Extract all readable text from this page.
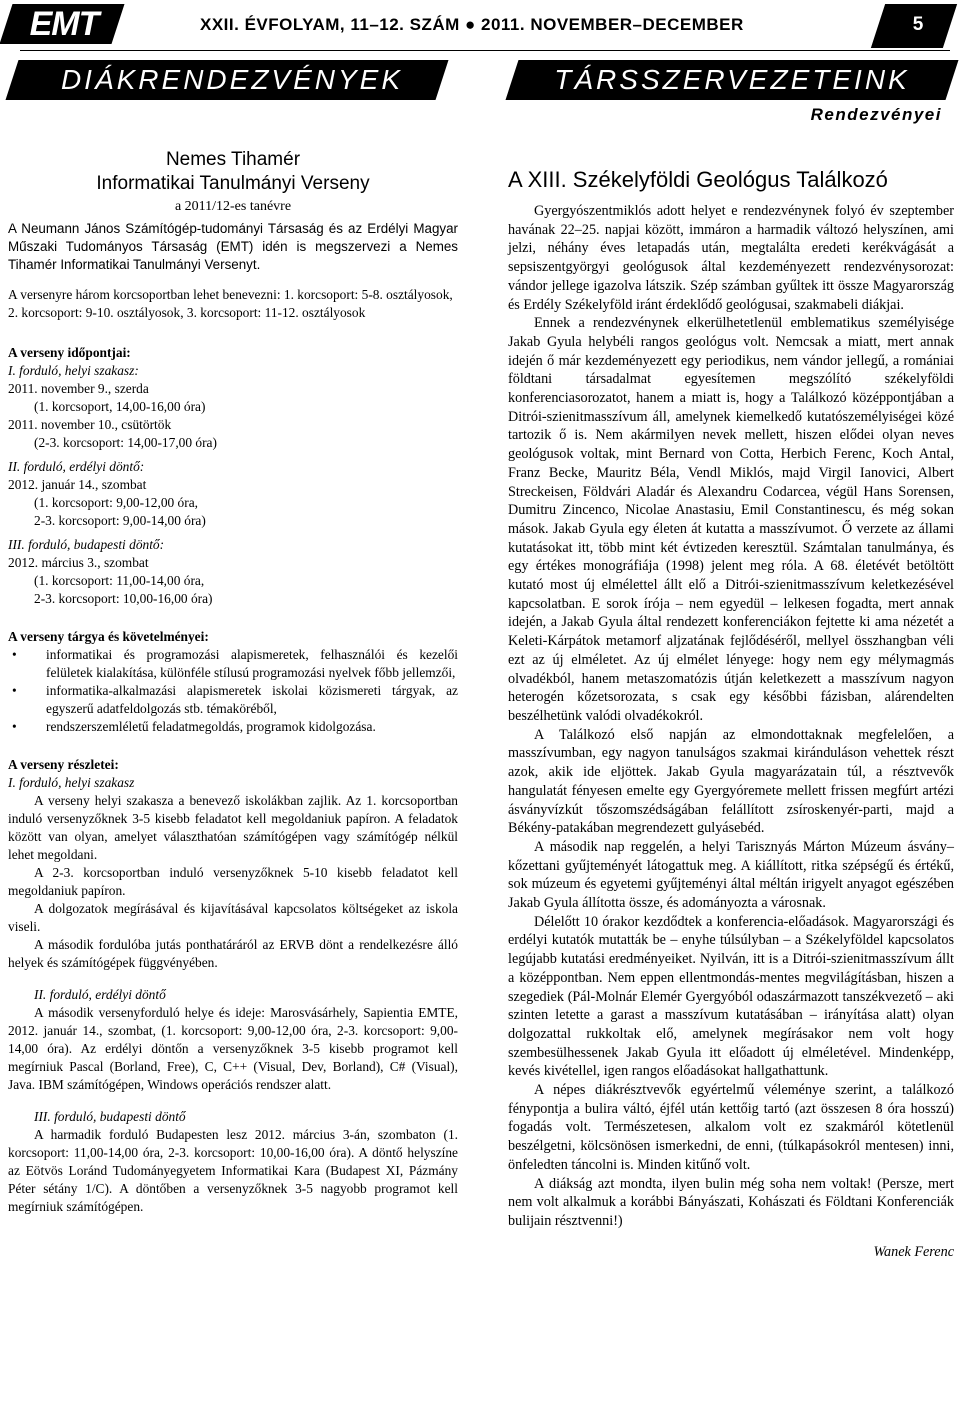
EMT	XXII. ÉVFOLYAM, 11–12. SZÁM ● 2011. NOVEMBER–DECEMBER	5
DIÁKRENDEZVÉNYEK	TÁRSSZERVEZETEINK
Rendezvényei

Nemes Tihamér

Informatikai Tanulmányi Verseny

a 2011/12-es tanévre

A Neumann János Számítógép-tudományi Társaság és az Erdélyi Magyar Műszaki Tudományos Társaság (EMT) idén is megszervezi a Nemes Tihamér Informatikai Tanulmányi Versenyt.

A versenyre három korcsoportban lehet benevezni: 1. korcsoport: 5-8. osztályosok, 2. korcsoport: 9-10. osztályosok, 3. korcsoport: 11-12. osztályosok

A verseny időpontjai:

I. forduló, helyi szakasz:

2011. november 9., szerda

(1. korcsoport, 14,00-16,00 óra)

2011. november 10., csütörtök

(2-3. korcsoport: 14,00-17,00 óra)

II. forduló, erdélyi döntő:

2012. január 14., szombat

(1. korcsoport: 9,00-12,00 óra,

2-3. korcsoport: 9,00-14,00 óra)

III. forduló, budapesti döntő:

2012. március 3., szombat

(1. korcsoport: 11,00-14,00 óra,

2-3. korcsoport: 10,00-16,00 óra)

A verseny tárgya és követelményei:

• informatikai és programozási alapismeretek, felhasználói és kezelői felületek kialakítása, különféle stílusú programozási nyelvek főbb jellemzői,
• informatika-alkalmazási alapismeretek iskolai közismereti tárgyak, az egyszerű adatfeldolgozás stb. témaköréből,
• rendszerszemléletű feladatmegoldás, programok kidolgozása.

A verseny részletei:

I. forduló, helyi szakasz

A verseny helyi szakasza a benevező iskolákban zajlik. Az 1. korcsoportban induló versenyzőknek 3-5 kisebb feladatot kell megoldaniuk papíron. A feladatok között van olyan, amelyet választhatóan számítógépen vagy számítógép nélkül lehet megoldani.

A 2-3. korcsoportban induló versenyzőknek 5-10 kisebb feladatot kell megoldaniuk papíron.

A dolgozatok megírásával és kijavításával kapcsolatos költségeket az iskola viseli.

A második fordulóba jutás ponthatáráról az ERVB dönt a rendelkezésre álló helyek és számítógépek függvényében.

II. forduló, erdélyi döntő

A második versenyforduló helye és ideje: Marosvásárhely, Sapientia EMTE, 2012. január 14., szombat, (1. korcsoport: 9,00-12,00 óra, 2-3. korcsoport: 9,00-14,00 óra). Az erdélyi döntőn a versenyzőknek 3-5 kisebb programot kell megírniuk Pascal (Borland, Free), C, C++ (Visual, Dev, Borland), C# (Visual), Java. IBM számítógépen, Windows operációs rendszer alatt.

III. forduló, budapesti döntő

A harmadik forduló Budapesten lesz 2012. március 3-án, szombaton (1. korcsoport: 11,00-14,00 óra, 2-3. korcsoport: 10,00-16,00 óra). A döntő helyszíne az Eötvös Loránd Tudományegyetem Informatikai Kara (Budapest XI, Pázmány Péter sétány 1/C). A döntőben a versenyzőknek 3-5 nagyobb programot kell megírniuk számítógépen.

A XIII. Székelyföldi Geológus Találkozó

Gyergyószentmiklós adott helyet e rendezvénynek folyó év szeptember havának 22–25. napjai között, immáron a harmadik változó helyszínen, ami jelzi, néhány éves letapadás után, megtalálta eredeti kerékvágását a sepsiszentgyörgyi geológusok által kezdeményezett rendezvénysorozat: vándor jellege igazolva látszik. Szép számban gyűltek itt össze Magyarország és Erdély Székelyföld iránt érdeklődő geológusai, szakmabeli diákjai.

Ennek a rendezvénynek elkerülhetetlenül emblematikus személyisége Jakab Gyula helybéli rangos geológus volt. Nemcsak a miatt, mert annak idején ő már kezdeményezett egy periodikus, nem vándor jellegű, a romániai földtani társadalmat egyesítemen megszólító székelyföldi konferenciasorozatot, hanem a miatt is, hogy a Találkozó középpontjában a Ditrói-szienitmasszívum áll, amelynek kiemelkedő kutatószemélyiségei közé tartozik ő is. Nem akármilyen nevek mellett, hiszen elődei olyan neves geológusok voltak, mint Bernard von Cotta, Herbich Ferenc, Koch Antal, Franz Becke, Mauritz Béla, Vendl Miklós, majd Virgil Ianovici, Albert Streckeisen, Földvári Aladár és Alexandru Codarcea, végül Hans Sorensen, Dumitru Zincenco, Nicolae Anastasiu, Emil Constantinescu, és még sokan mások. Jakab Gyula egy életen át kutatta a masszívumot. Ő verzete az állami kutatásokat itt, több mint két évtizeden keresztül. Számtalan tanulmánya, és egy értékes monográfiája (1998) jelent meg róla. A 68. életévét betöltött kutató most új elmélettel állt elő a Ditrói-szienitmasszívum keletkezésével kapcsolatban. E sorok írója – nem egyedül – lelkesen fogadta, mert annak idején, a Jakab Gyula által rendezett konferenciákon fejtette ki ama nézetét a Keleti-Kárpátok metamorf aljzatának fejlődéséről, mellyel összhangban véli ezt az új elméletet. Az új elmélet lényege: hogy nem egy mélymagmás olvadékból, hanem metaszomatózis útján keletkezett a masszívum nagyon heterogén kőzetsorozata, s csak egy későbbi fázisban, alárendelten beszélhetünk valódi olvadékokról.

A Találkozó első napján az elmondottaknak megfelelően, a masszívumban, egy nagyon tanulságos szakmai kiránduláson vehettek részt azok, akik ide eljöttek. Jakab Gyula magyarázatain túl, a résztvevők hangulatát fényesen emelte egy Gyergyóremete mellett frissen megfúrt artézi ásványvízkút tőszomszédságában felállított zsíroskenyér-parti, majd a Békény-patakában megrendezett gulyásebéd.

A második nap reggelén, a helyi Tarisznyás Márton Múzeum ásvány–kőzettani gyűjteményét látogattuk meg. A kiállított, ritka szépségű és értékű, sok múzeum és egyetemi gyűjteményi által méltán irigyelt anyagot egészében Jakab Gyula állította össze, és adományozta a városnak.

Délelőtt 10 órakor kezdődtek a konferencia-előadások. Magyarországi és erdélyi kutatók mutatták be – enyhe túlsúlyban – a Székelyföldel kapcsolatos legújabb kutatási eredményeiket. Nyilván, itt is a Ditrói-szienitmasszívum állt a középpontban. Nem eppen ellentmondás-mentes megvilágításban, hiszen a szegediek (Pál-Molnár Elemér Gyergyóból odaszármazott tanszékvezető – aki szinten letette a garast a masszívum kutatásában – irányítása alatt) olyan dolgozattal rukkoltak elő, amelynek megírásakor nem volt hogy szembesülhessenek Jakab Gyula itt előadott új elméletével. Mindenképp, kevés kivétellel, igen rangos előadásokat hallgathattunk.

A népes diákrésztvevők egyértelmű véleménye szerint, a találkozó fénypontja a bulira váltó, éjfél után kettőig tartó (azt összesen 8 óra hosszú) fogadás volt. Természetesen, alkalom volt ez szakmáról kötetlenül beszélgetni, kölcsönösen ismerkedni, de enni, (túlkapásokról mentesen) inni, önfeledten táncolni is. Minden kitűnő volt.

A diákság azt mondta, ilyen bulin még soha nem voltak! (Persze, mert nem volt alkalmuk a korábbi Bányászati, Kohászati és Földtani Konferenciák bulijain résztvenni!)

Wanek Ferenc
